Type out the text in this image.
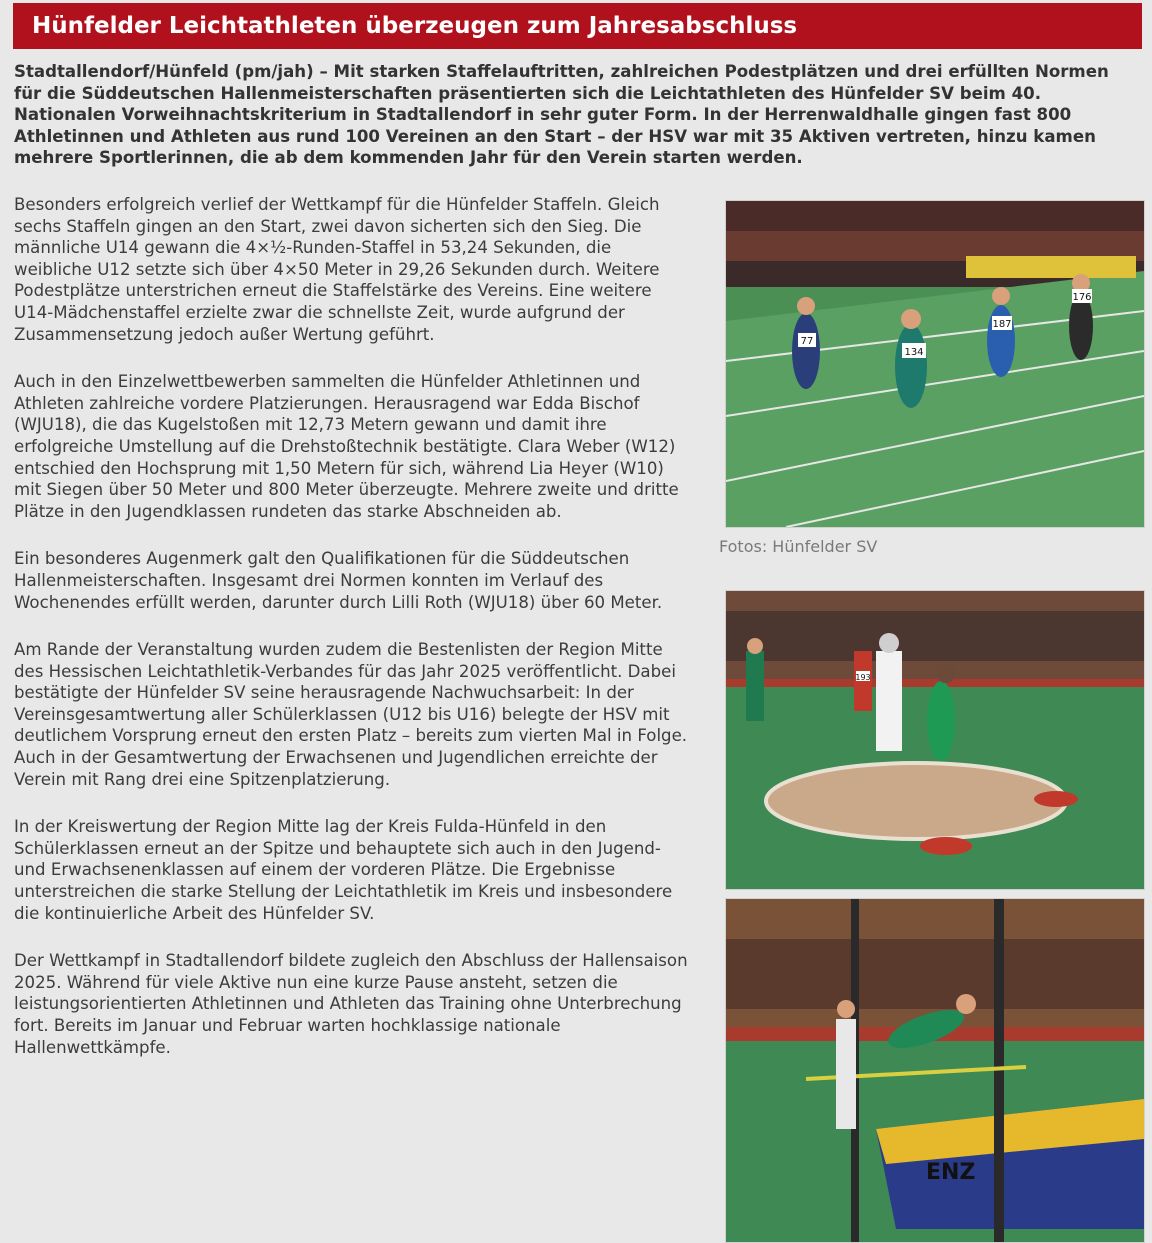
Hünfelder Leichtathleten überzeugen zum Jahresabschluss

Stadtallendorf/Hünfeld (pm/jah) – Mit starken Staffelauftritten, zahlreichen Podestplätzen und drei erfüllten Normen für die Süddeutschen Hallenmeisterschaften präsentierten sich die Leichtathleten des Hünfelder SV beim 40. Nationalen Vorweihnachtskriterium in Stadtallendorf in sehr guter Form. In der Herrenwaldhalle gingen fast 800 Athletinnen und Athleten aus rund 100 Vereinen an den Start – der HSV war mit 35 Aktiven vertreten, hinzu kamen mehrere Sportlerinnen, die ab dem kommenden Jahr für den Verein starten werden.

Besonders erfolgreich verlief der Wettkampf für die Hünfelder Staffeln. Gleich sechs Staffeln gingen an den Start, zwei davon sicherten sich den Sieg. Die männliche U14 gewann die 4×½-Runden-Staffel in 53,24 Sekunden, die weibliche U12 setzte sich über 4×50 Meter in 29,26 Sekunden durch. Weitere Podestplätze unterstrichen erneut die Staffelstärke des Vereins. Eine weitere U14-Mädchenstaffel erzielte zwar die schnellste Zeit, wurde aufgrund der Zusammensetzung jedoch außer Wertung geführt.

Auch in den Einzelwettbewerben sammelten die Hünfelder Athletinnen und Athleten zahlreiche vordere Platzierungen. Herausragend war Edda Bischof (WJU18), die das Kugelstoßen mit 12,73 Metern gewann und damit ihre erfolgreiche Umstellung auf die Drehstoßtechnik bestätigte. Clara Weber (W12) entschied den Hochsprung mit 1,50 Metern für sich, während Lia Heyer (W10) mit Siegen über 50 Meter und 800 Meter überzeugte. Mehrere zweite und dritte Plätze in den Jugendklassen rundeten das starke Abschneiden ab.

Ein besonderes Augenmerk galt den Qualifikationen für die Süddeutschen Hallenmeisterschaften. Insgesamt drei Normen konnten im Verlauf des Wochenendes erfüllt werden, darunter durch Lilli Roth (WJU18) über 60 Meter.

Am Rande der Veranstaltung wurden zudem die Bestenlisten der Region Mitte des Hessischen Leichtathletik-Verbandes für das Jahr 2025 veröffentlicht. Dabei bestätigte der Hünfelder SV seine herausragende Nachwuchsarbeit: In der Vereinsgesamtwertung aller Schülerklassen (U12 bis U16) belegte der HSV mit deutlichem Vorsprung erneut den ersten Platz – bereits zum vierten Mal in Folge. Auch in der Gesamtwertung der Erwachsenen und Jugendlichen erreichte der Verein mit Rang drei eine Spitzenplatzierung.

In der Kreiswertung der Region Mitte lag der Kreis Fulda-Hünfeld in den Schülerklassen erneut an der Spitze und behauptete sich auch in den Jugend- und Erwachsenenklassen auf einem der vorderen Plätze. Die Ergebnisse unterstreichen die starke Stellung der Leichtathletik im Kreis und insbesondere die kontinuierliche Arbeit des Hünfelder SV.

Der Wettkampf in Stadtallendorf bildete zugleich den Abschluss der Hallensaison 2025. Während für viele Aktive nun eine kurze Pause ansteht, setzen die leistungsorientierten Athletinnen und Athleten das Training ohne Unterbrechung fort. Bereits im Januar und Februar warten hochklassige nationale Hallenwettkämpfe.

77
134
187
176
Fotos: Hünfelder SV
193
ENZ
